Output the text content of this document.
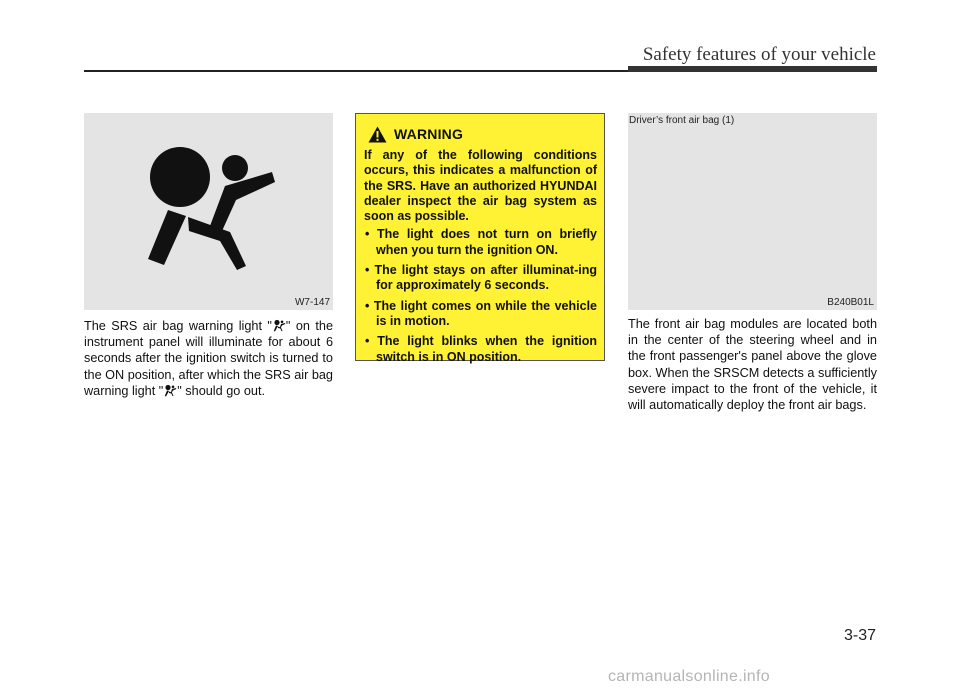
Safety features of your vehicle
W7-147
The SRS air bag warning light " " on the instrument panel will illuminate for about 6 seconds after the ignition switch is turned to the ON position, after which the SRS air bag warning light " " should go out.
WARNING
If any of the following conditions occurs, this indicates a malfunction of the SRS. Have an authorized HYUNDAI dealer inspect the air bag system as soon as possible.
• The light does not turn on briefly when you turn the ignition ON.
• The light stays on after illuminat-ing for approximately 6 seconds.
• The light comes on while the vehicle is in motion.
• The light blinks when the ignition switch is in ON position.
Driver’s front air bag (1)
B240B01L
The front air bag modules are located both in the center of the steering wheel and in the front passenger's panel above the glove box. When the SRSCM detects a sufficiently severe impact to the front of the vehicle, it will automatically deploy the front air bags.
3-37
carmanualsonline.info
